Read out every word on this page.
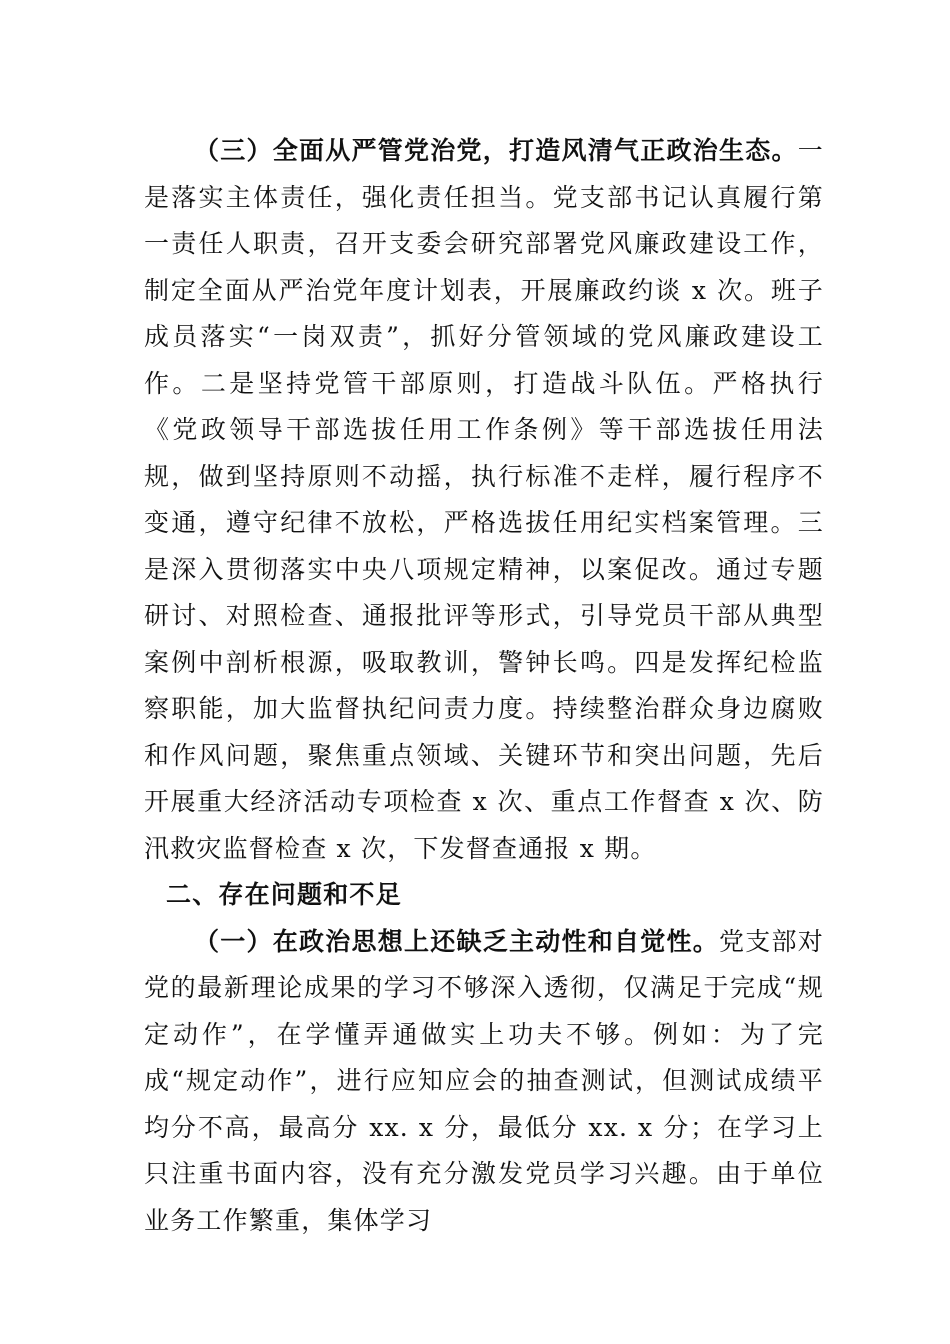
（三）全面从严管党治党，打造风清气正政治生态。一是落实主体责任，强化责任担当。党支部书记认真履行第一责任人职责，召开支委会研究部署党风廉政建设工作，制定全面从严治党年度计划表，开展廉政约谈 x 次。班子成员落实“一岗双责”，抓好分管领域的党风廉政建设工作。二是坚持党管干部原则，打造战斗队伍。严格执行《党政领导干部选拔任用工作条例》等干部选拔任用法规，做到坚持原则不动摇，执行标准不走样，履行程序不变通，遵守纪律不放松，严格选拔任用纪实档案管理。三是深入贯彻落实中央八项规定精神，以案促改。通过专题研讨、对照检查、通报批评等形式，引导党员干部从典型案例中剖析根源，吸取教训，警钟长鸣。四是发挥纪检监察职能，加大监督执纪问责力度。持续整治群众身边腐败和作风问题，聚焦重点领域、关键环节和突出问题，先后开展重大经济活动专项检查 x 次、重点工作督查 x 次、防汛救灾监督检查 x 次，下发督查通报 x 期。

二、存在问题和不足

（一）在政治思想上还缺乏主动性和自觉性。党支部对党的最新理论成果的学习不够深入透彻，仅满足于完成“规定动作”，在学懂弄通做实上功夫不够。例如：为了完成“规定动作”，进行应知应会的抽查测试，但测试成绩平均分不高，最高分 xx. x 分，最低分 xx. x 分；在学习上只注重书面内容，没有充分激发党员学习兴趣。由于单位业务工作繁重，集体学习
